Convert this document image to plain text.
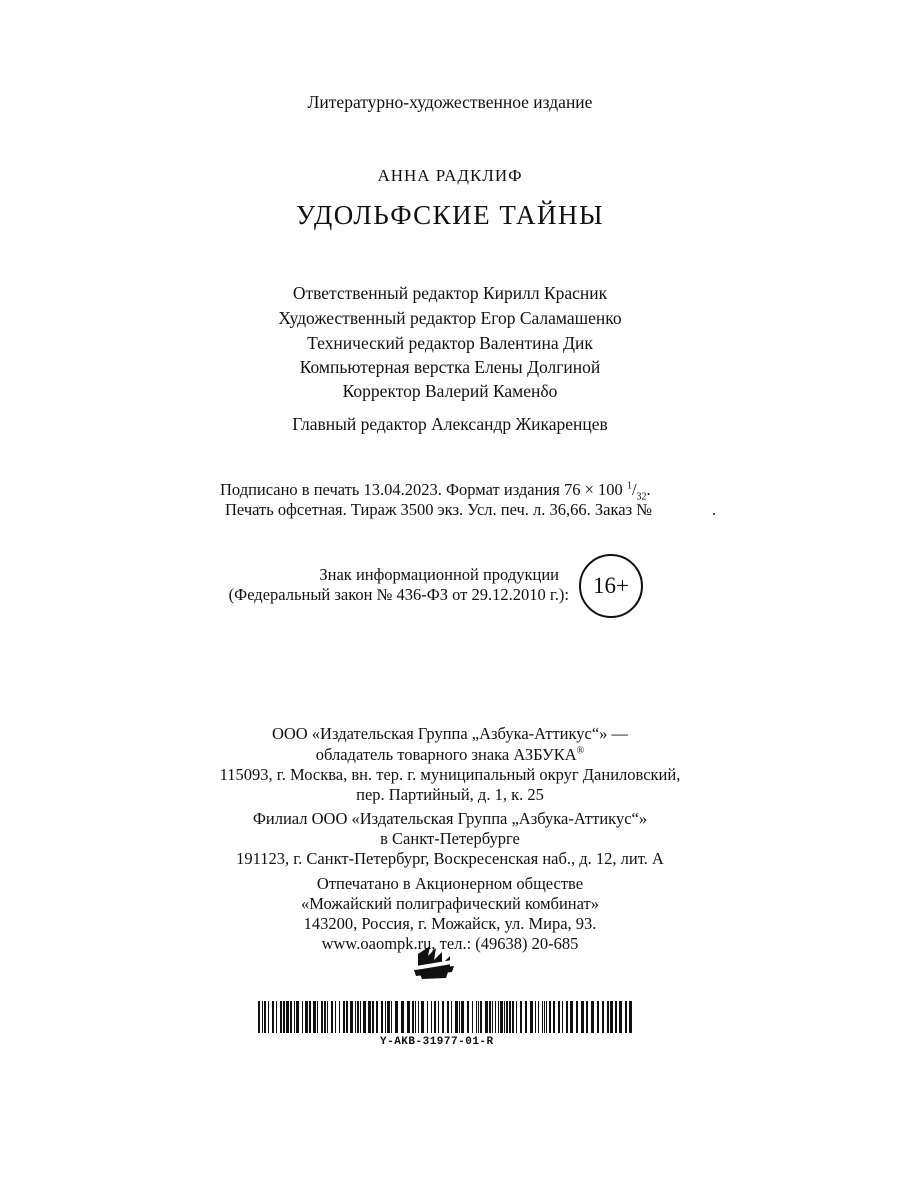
Литературно-художественное издание
АННА РАДКЛИФ
УДОЛЬФСКИЕ ТАЙНЫ
Ответственный редактор Кирилл Красник
Художественный редактор Егор Саламашенко
Технический редактор Валентина Дик
Компьютерная верстка Елены Долгиной
Корректор Валерий Каменδо
Главный редактор Александр Жикаренцев
Подписано в печать 13.04.2023. Формат издания 76 × 100 $^1/_{32}$.
Печать офсетная. Тираж 3500 экз. Усл. печ. л. 36,66. Заказ №	.
Знак информационной продукции
(Федеральный закон № 436-ФЗ от 29.12.2010 г.):	16+
ООО «Издательская Группа „Азбука-Аттикус“» —
обладатель товарного знака АЗБУКА®
115093, г. Москва, вн. тер. г. муниципальный округ Даниловский,
пер. Партийный, д. 1, к. 25
Филиал ООО «Издательская Группа „Азбука-Аттикус“»
в Санкт-Петербурге
191123, г. Санкт-Петербург, Воскресенская наб., д. 12, лит. А
Отпечатано в Акционерном обществе
«Можайский полиграфический комбинат»
143200, Россия, г. Можайск, ул. Мира, 93.
www.oaompk.ru, тел.: (49638) 20-685
Y-AKB-31977-01-R
